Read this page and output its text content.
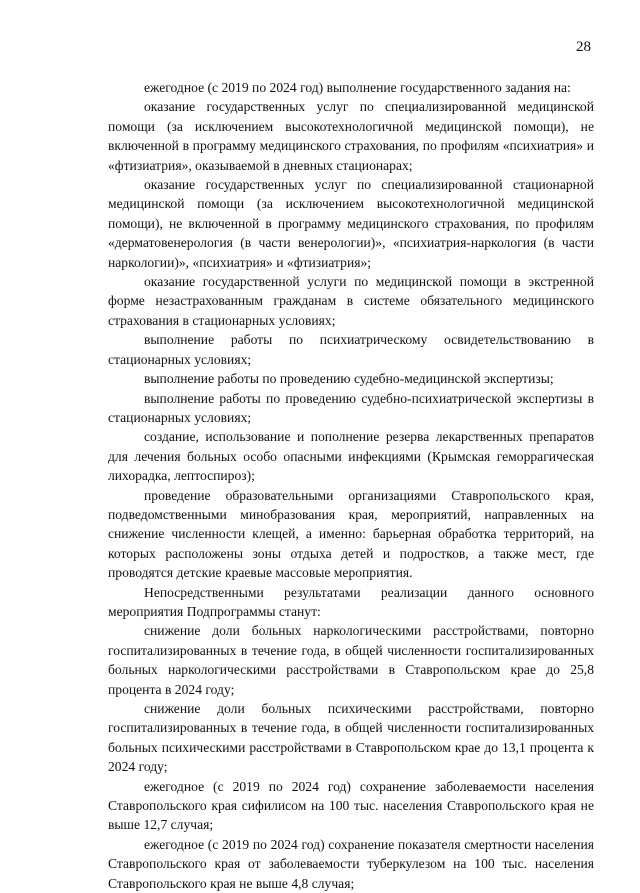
28

ежегодное (с 2019 по 2024 год) выполнение государственного задания на:

оказание государственных услуг по специализированной медицинской помощи (за исключением высокотехнологичной медицинской помощи), не включенной в программу медицинского страхования, по профилям «психиатрия» и «фтизиатрия», оказываемой в дневных стационарах;

оказание государственных услуг по специализированной стационарной медицинской помощи (за исключением высокотехнологичной медицинской помощи), не включенной в программу медицинского страхования, по профилям «дерматовенерология (в части венерологии)», «психиатрия-наркология (в части наркологии)», «психиатрия» и «фтизиатрия»;

оказание государственной услуги по медицинской помощи в экстренной форме незастрахованным гражданам в системе обязательного медицинского страхования в стационарных условиях;

выполнение работы по психиатрическому освидетельствованию в стационарных условиях;

выполнение работы по проведению судебно-медицинской экспертизы;

выполнение работы по проведению судебно-психиатрической экспертизы в стационарных условиях;

создание, использование и пополнение резерва лекарственных препаратов для лечения больных особо опасными инфекциями (Крымская геморрагическая лихорадка, лептоспироз);

проведение образовательными организациями Ставропольского края, подведомственными минобразования края, мероприятий, направленных на снижение численности клещей, а именно: барьерная обработка территорий, на которых расположены зоны отдыха детей и подростков, а также мест, где проводятся детские краевые массовые мероприятия.

Непосредственными результатами реализации данного основного мероприятия Подпрограммы станут:

снижение доли больных наркологическими расстройствами, повторно госпитализированных в течение года, в общей численности госпитализированных больных наркологическими расстройствами в Ставропольском крае до 25,8 процента в 2024 году;

снижение доли больных психическими расстройствами, повторно госпитализированных в течение года, в общей численности госпитализированных больных психическими расстройствами в Ставропольском крае до 13,1 процента к 2024 году;

ежегодное (с 2019 по 2024 год) сохранение заболеваемости населения Ставропольского края сифилисом на 100 тыс. населения Ставропольского края не выше 12,7 случая;

ежегодное (с 2019 по 2024 год) сохранение показателя смертности населения Ставропольского края от заболеваемости туберкулезом на 100 тыс. населения Ставропольского края не выше 4,8 случая;
